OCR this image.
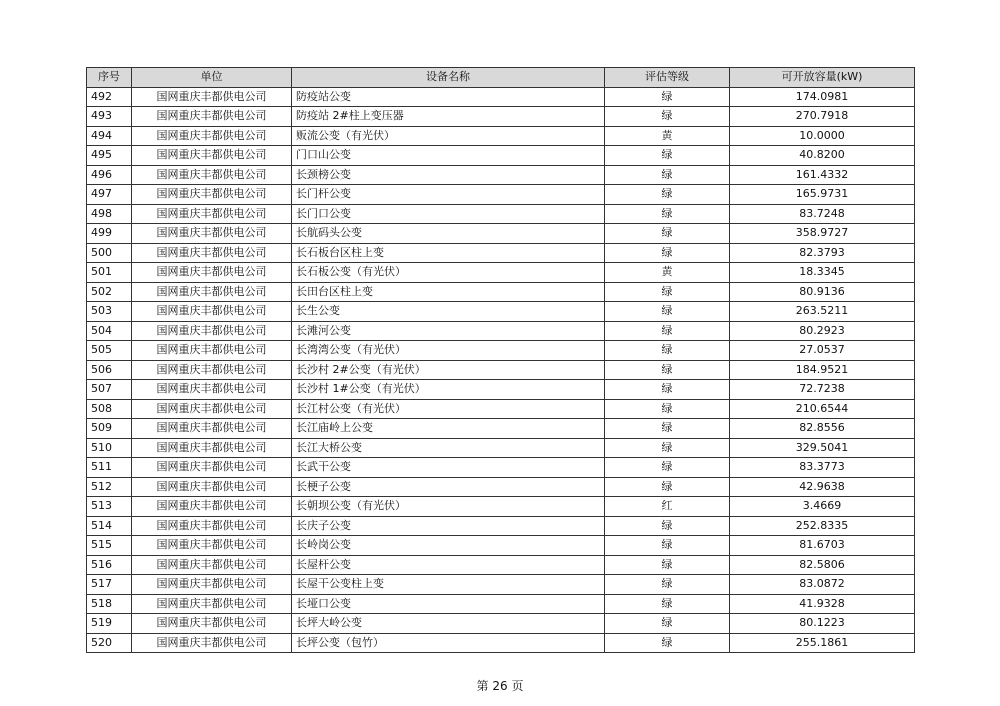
序号	单位	设备名称	评估等级	可开放容量(kW)
492	国网重庆丰都供电公司	防疫站公变	绿	174.0981
493	国网重庆丰都供电公司	防疫站 2#柱上变压器	绿	270.7918
494	国网重庆丰都供电公司	贩流公变（有光伏）	黄	10.0000
495	国网重庆丰都供电公司	门口山公变	绿	40.8200
496	国网重庆丰都供电公司	长颈榜公变	绿	161.4332
497	国网重庆丰都供电公司	长门杆公变	绿	165.9731
498	国网重庆丰都供电公司	长门口公变	绿	83.7248
499	国网重庆丰都供电公司	长航码头公变	绿	358.9727
500	国网重庆丰都供电公司	长石板台区柱上变	绿	82.3793
501	国网重庆丰都供电公司	长石板公变（有光伏）	黄	18.3345
502	国网重庆丰都供电公司	长田台区柱上变	绿	80.9136
503	国网重庆丰都供电公司	长生公变	绿	263.5211
504	国网重庆丰都供电公司	长滩河公变	绿	80.2923
505	国网重庆丰都供电公司	长湾湾公变（有光伏）	绿	27.0537
506	国网重庆丰都供电公司	长沙村 2#公变（有光伏）	绿	184.9521
507	国网重庆丰都供电公司	长沙村 1#公变（有光伏）	绿	72.7238
508	国网重庆丰都供电公司	长江村公变（有光伏）	绿	210.6544
509	国网重庆丰都供电公司	长江庙岭上公变	绿	82.8556
510	国网重庆丰都供电公司	长江大桥公变	绿	329.5041
511	国网重庆丰都供电公司	长武干公变	绿	83.3773
512	国网重庆丰都供电公司	长梗子公变	绿	42.9638
513	国网重庆丰都供电公司	长朝坝公变（有光伏）	红	3.4669
514	国网重庆丰都供电公司	长庆子公变	绿	252.8335
515	国网重庆丰都供电公司	长岭岗公变	绿	81.6703
516	国网重庆丰都供电公司	长屋杆公变	绿	82.5806
517	国网重庆丰都供电公司	长屋干公变柱上变	绿	83.0872
518	国网重庆丰都供电公司	长垭口公变	绿	41.9328
519	国网重庆丰都供电公司	长坪大岭公变	绿	80.1223
520	国网重庆丰都供电公司	长坪公变（包竹）	绿	255.1861
第 26 页
